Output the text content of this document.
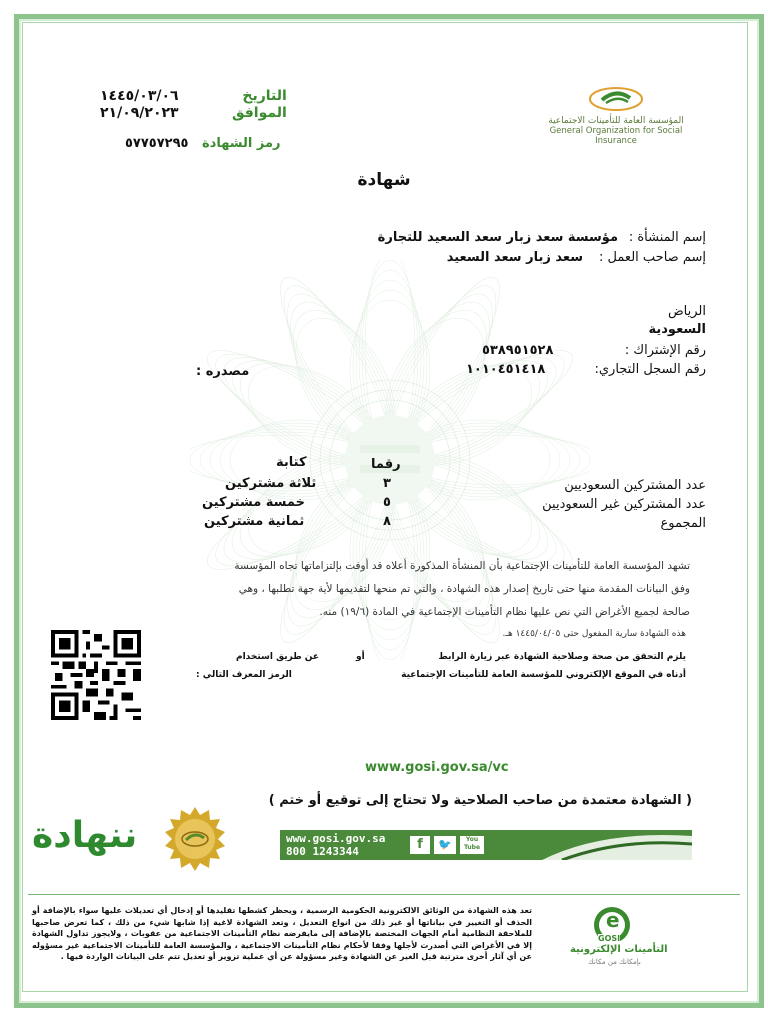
المؤسسة العامة للتأمينات الاجتماعية
General Organization for Social Insurance
التاريخ
الموافق
١٤٤٥/٠٣/٠٦
٢١/٠٩/٢٠٢٣
رمز الشهادة
٥٧٧٥٧٢٩٥
شهادة
إسم المنشأة :
مؤسسة سعد زبار سعد السعيد للتجارة
إسم صاحب العمل :
سعد زبار سعد السعيد
الرياض
السعودية
رقم الإشتراك :
٥٣٨٩٥١٥٢٨
رقم السجل التجاري:
١٠١٠٤٥١٤١٨
مصدره :
رقما
كتابة
عدد المشتركين السعوديين
٣
ثلاثة مشتركين
عدد المشتركين غير السعوديين
٥
خمسة مشتركين
المجموع
٨
ثمانية مشتركين
تشهد المؤسسة العامة للتأمينات الإجتماعية بأن المنشأة المذكورة أعلاه قد أوفت بإلتزاماتها تجاه المؤسسة
وفق البيانات المقدمة منها حتى تاريخ إصدار هذه الشهادة ، والتي تم منحها لتقديمها لأية جهة تطلبها ، وهي
صالحة لجميع الأغراض التي نص عليها نظام التأمينات الإجتماعية في المادة (١٩/٦) منه.
هذه الشهادة سارية المفعول حتى ١٤٤٥/٠٤/٠٥ هـ.
يلزم التحقق من صحة وصلاحية الشهادة عبر زيارة الرابط
أو
عن طريق استخدام
أدناه في الموقع الإلكتروني للمؤسسة العامة للتأمينات الإجتماعية
الرمز المعرف التالي :
www.gosi.gov.sa/vc
( الشهادة معتمدة من صاحب الصلاحية ولا تحتاج إلى توقيع أو ختم )
ننهادة	www.gosi.gov.sa
800 1243344	f	🐦	You Tube
تعد هذه الشهادة من الوثائق الالكترونية الحكومية الرسمية ، ويحظر كشطها تقليدها أو إدخال أي تعديلات عليها سواء بالإضافة أو الحذف أو التغيير في بياناتها أو غير ذلك من انواع التعديل ، وتعد الشهادة لاغية إذا شابها شيء من ذلك ، كما تعرض صاحبها للملاحقة النظامية أمام الجهات المختصة بالإضافة إلى مايفرضه نظام التأمينات الاجتماعية من عقوبات ، ولايجوز تداول الشهادة إلا في الأغراض التي أصدرت لأجلها وفقا لأحكام نظام التأمينات الاجتماعية ، والمؤسسة العامة للتأمينات الاجتماعية غير مسؤوله عن أي آثار أخرى مترتبة قبل الغير عن الشهادة وغير مسؤولة عن أي عملية تزوير أو تعديل تتم على البيانات الواردة فيها .
e
GOSI
التأمينات الإلكترونية
بإمكانك من مكانك
